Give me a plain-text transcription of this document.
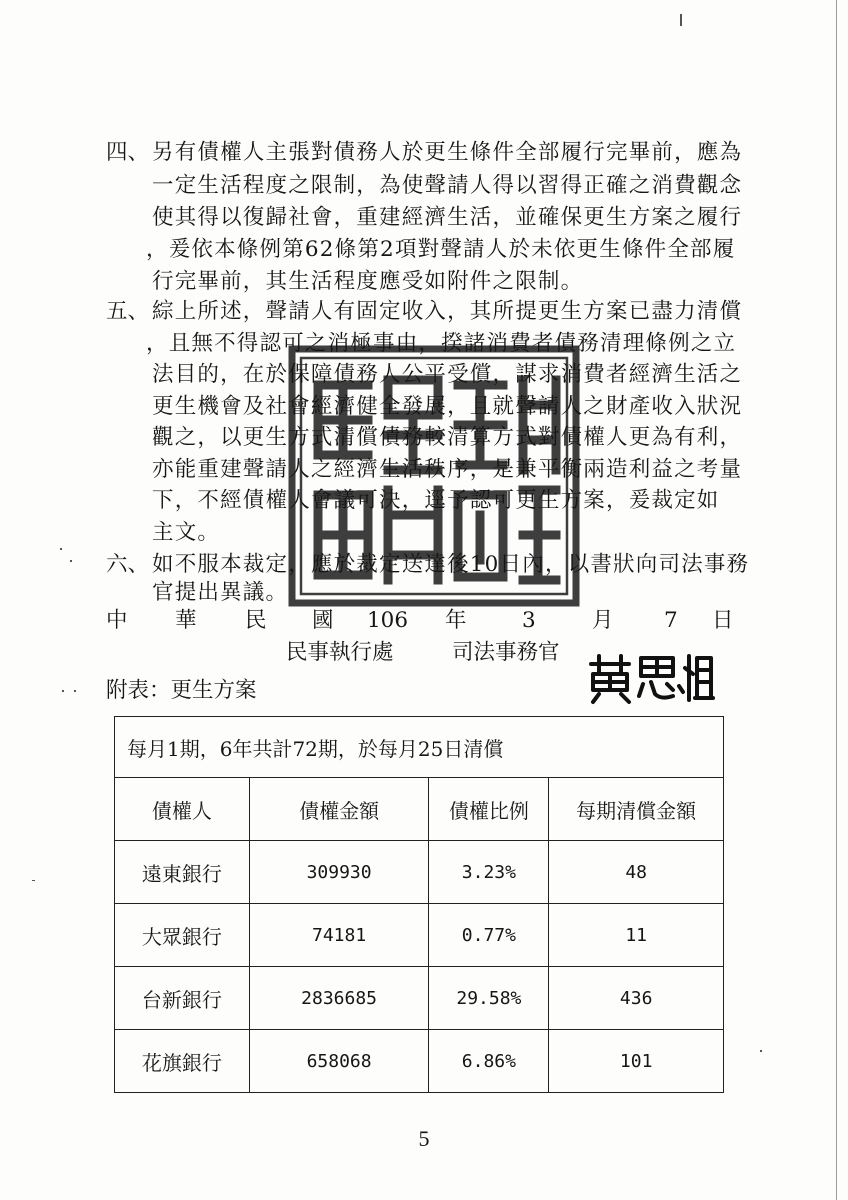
四、 另有債權人主張對債務人於更生條件全部履行完畢前，應為
一定生活程度之限制，為使聲請人得以習得正確之消費觀念
使其得以復歸社會，重建經濟生活，並確保更生方案之履行
，爰依本條例第62條第2項對聲請人於未依更生條件全部履
行完畢前，其生活程度應受如附件之限制。
五、 綜上所述，聲請人有固定收入，其所提更生方案已盡力清償
，且無不得認可之消極事由，揆諸消費者債務清理條例之立
法目的，在於保障債務人公平受償，謀求消費者經濟生活之
更生機會及社會經濟健全發展，且就聲請人之財產收入狀況
觀之，以更生方式清償債務較清算方式對債權人更為有利，
亦能重建聲請人之經濟生活秩序，是兼平衡兩造利益之考量
下，不經債權人會議可決，逕予認可更生方案，爰裁定如
主文。
六、 如不服本裁定，應於裁定送達後10日內，以書狀向司法事務
官提出異議。
中 華 民 國 106 年	3	月 7 日
民事執行處	司法事務官
附表：更生方案
每月1期，6年共計72期，於每月25日清償			
債權人	債權金額	債權比例	每期清償金額
遠東銀行	309930	3.23%	48
大眾銀行	74181	0.77%	11
台新銀行	2836685	29.58%	436
花旗銀行	658068	6.86%	101
5
